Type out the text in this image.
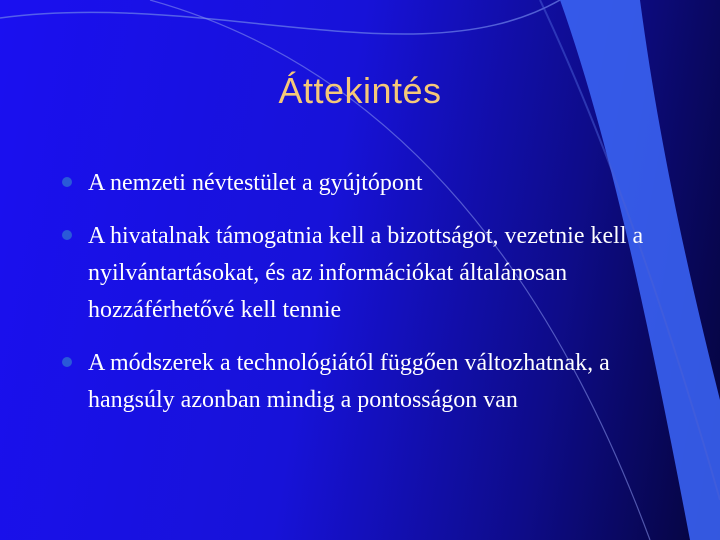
Áttekintés
A nemzeti névtestület a gyújtópont
A hivatalnak támogatnia kell a bizottságot, vezetnie kell a nyilvántartásokat, és az információkat általánosan hozzáférhetővé kell tennie
A módszerek a technológiától függően változhatnak, a hangsúly azonban mindig a pontosságon van
